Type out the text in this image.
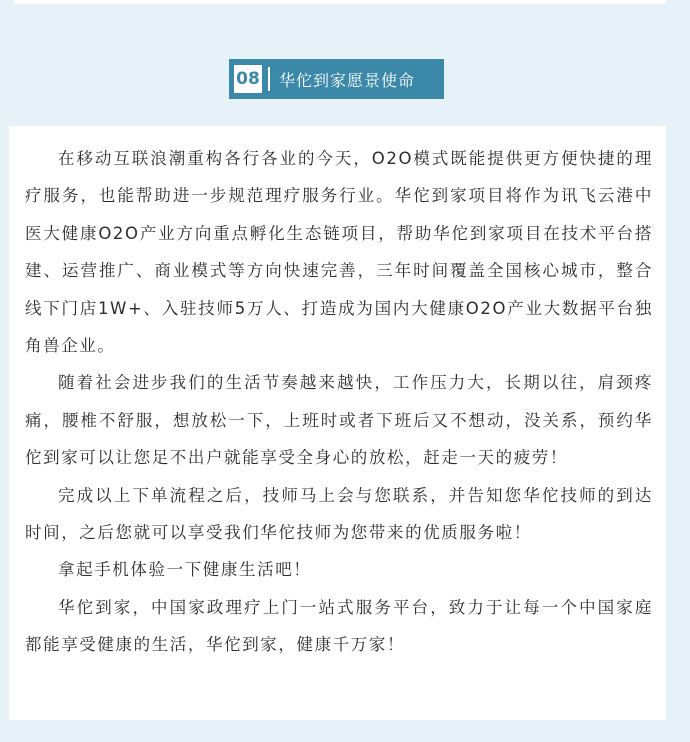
08 华佗到家愿景使命

在移动互联浪潮重构各行各业的今天，O2O模式既能提供更方便快捷的理疗服务，也能帮助进一步规范理疗服务行业。华佗到家项目将作为讯飞云港中医大健康O2O产业方向重点孵化生态链项目，帮助华佗到家项目在技术平台搭建、运营推广、商业模式等方向快速完善，三年时间覆盖全国核心城市，整合线下门店1W+、入驻技师5万人、打造成为国内大健康O2O产业大数据平台独角兽企业。

随着社会进步我们的生活节奏越来越快，工作压力大，长期以往，肩颈疼痛，腰椎不舒服，想放松一下，上班时或者下班后又不想动，没关系，预约华佗到家可以让您足不出户就能享受全身心的放松，赶走一天的疲劳！

完成以上下单流程之后，技师马上会与您联系，并告知您华佗技师的到达时间，之后您就可以享受我们华佗技师为您带来的优质服务啦！

拿起手机体验一下健康生活吧！

华佗到家，中国家政理疗上门一站式服务平台，致力于让每一个中国家庭都能享受健康的生活，华佗到家，健康千万家！
